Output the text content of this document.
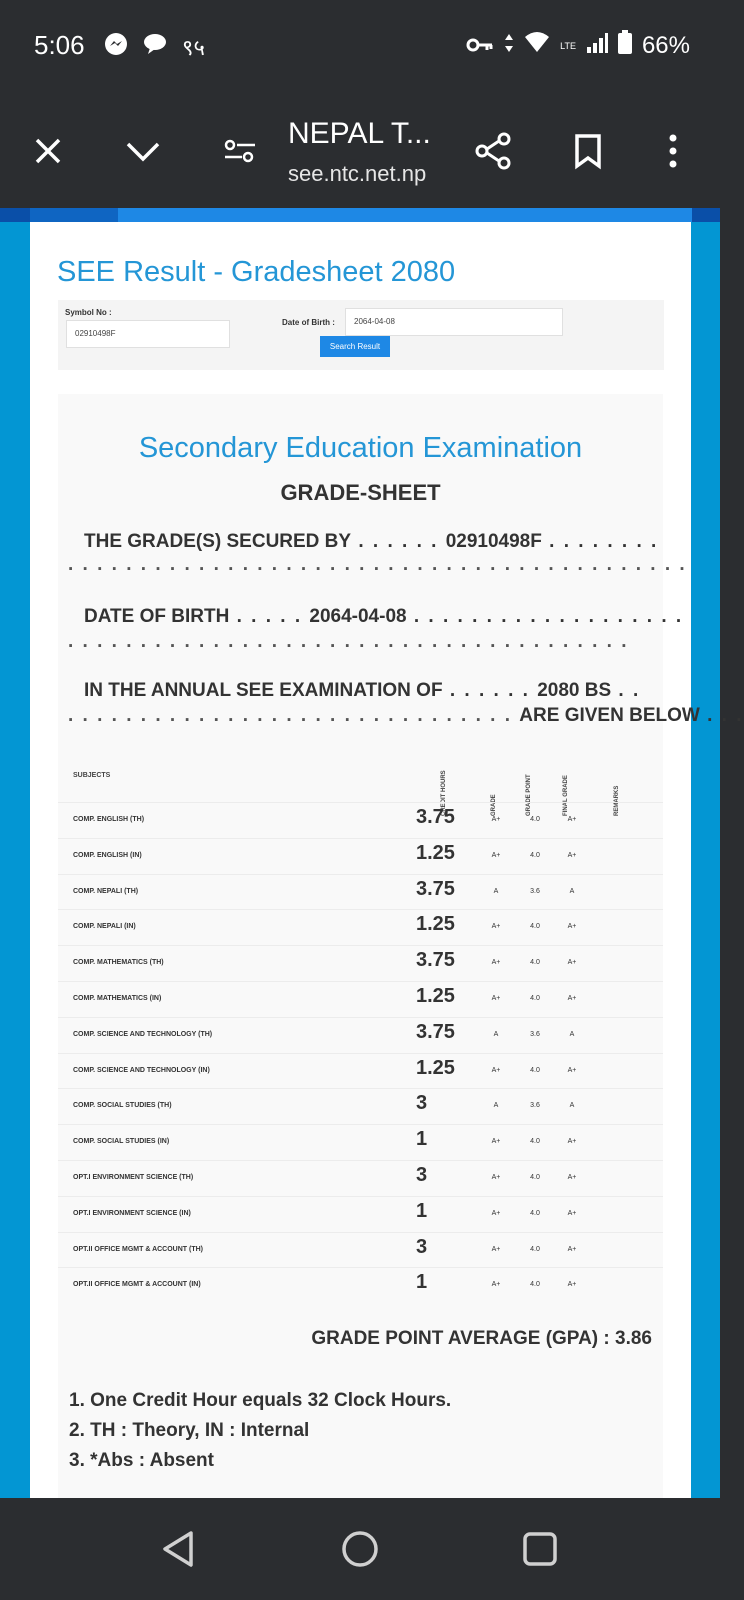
5:06	९५	LTE	66%
NEPAL T...
see.ntc.net.np
SEE Result - Gradesheet 2080
Symbol No :
02910498F
Date of Birth :	2064-04-08
Search Result
Secondary Education Examination
GRADE-SHEET
THE GRADE(S) SECURED BY . . . . . . 02910498F . . . . . . . .
. . . . . . . . . . . . . . . . . . . . . . . . . . . . . . . . . . . . . . . . . . .
DATE OF BIRTH . . . . . 2064-04-08 . . . . . . . . . . . . . . . . . . .
. . . . . . . . . . . . . . . . . . . . . . . . . . . . . . . . . . . . . . .
IN THE ANNUAL SEE EXAMINATION OF . . . . . . 2080 BS . .
. . . . . . . . . . . . . . . . . . . . . . . . . . . . . . . ARE GIVEN BELOW . . .
SUBJECTS	CREDIT HOURS	GRADE	GRADE POINT	FINAL GRADE	REMARKS
COMP. ENGLISH (TH)	3.75	A+	4.0	A+
COMP. ENGLISH (IN)	1.25	A+	4.0	A+
COMP. NEPALI (TH)	3.75	A	3.6	A
COMP. NEPALI (IN)	1.25	A+	4.0	A+
COMP. MATHEMATICS (TH)	3.75	A+	4.0	A+
COMP. MATHEMATICS (IN)	1.25	A+	4.0	A+
COMP. SCIENCE AND TECHNOLOGY (TH)	3.75	A	3.6	A
COMP. SCIENCE AND TECHNOLOGY (IN)	1.25	A+	4.0	A+
COMP. SOCIAL STUDIES (TH)	3	A	3.6	A
COMP. SOCIAL STUDIES (IN)	1	A+	4.0	A+
OPT.I ENVIRONMENT SCIENCE (TH)	3	A+	4.0	A+
OPT.I ENVIRONMENT SCIENCE (IN)	1	A+	4.0	A+
OPT.II OFFICE MGMT & ACCOUNT (TH)	3	A+	4.0	A+
OPT.II OFFICE MGMT & ACCOUNT (IN)	1	A+	4.0	A+
GRADE POINT AVERAGE (GPA) : 3.86
1. One Credit Hour equals 32 Clock Hours.
2. TH : Theory, IN : Internal
3. *Abs : Absent
